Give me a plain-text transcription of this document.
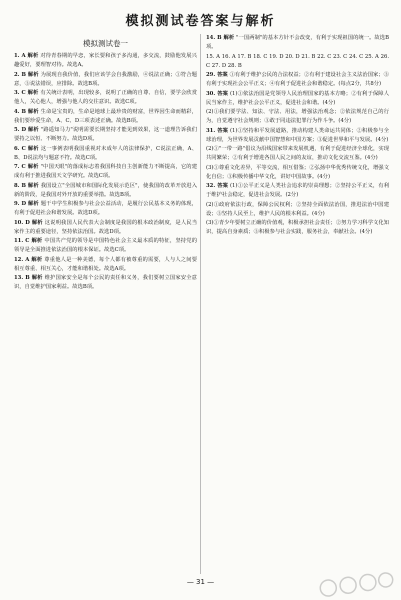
模拟测试卷答案与解析
模拟测试卷一

1. A 解析 对待青春期的早恋，家长要和孩子多沟通，多交流，鼓励他发展兴趣爱好，要理智对待。故选A。

2. B 解析 为展现自我价值，我们应该学会自我激励，④说法正确；①符合题意，③说法错误，应排除。故选B项。

3. C 解析 有关统计表明，出现较多，说明了正确的自尊、自信，要学会欣赏他人，关心他人，增强与他人的交往意识。故选C项。

4. B 解析 生命是宝贵的，生命是地球上最珍贵的财富，世界因生命而精彩，我们要珍爱生命，A、C、D三项表述正确。故选B项。

5. D 解析 "路遥知马力"说明需要长期坚持才能见到效果，这一道理告诉我们要持之以恒、不断努力。故选D项。

6. C 解析 这一事例表明我国重视对未成年人的法律保护，C说法正确，A、B、D说法均与题意不符。故选C项。

7. C 解析 "中国天眼"的落成标志着我国科技自主创新能力不断提高，它的建成有利于推进我国天文学研究。故选C项。

8. B 解析 我国设立"全国城市和国际化发展示范区"，使我国的改革开放进入新的阶段，是我国对外开放的重要举措。故选B项。

9. D 解析 题干中学生积极参与社会公益活动，是履行公民基本义务的体现，有利于促进社会和谐发展。故选D项。

10. D 解析 这说明我国人民代表大会制度是我国的根本政治制度，是人民当家作主的重要途径，坚持依法治国。故选D项。

11. C 解析 中国共产党的领导是中国特色社会主义最本质的特征，坚持党的领导是全面推进依法治国的根本保证。故选C项。

12. A 解析 尊重他人是一种美德，每个人都有被尊重的需要，人与人之间要相互尊重、相互关心，才能和谐相处。故选A项。

13. B 解析 维护国家安全是每个公民的责任和义务，我们要树立国家安全意识，自觉维护国家利益。故选B项。

14. B 解析 "一国两制"的基本方针不会改变，有利于实现祖国的统一。故选B项。

15. A 16. A 17. B 18. C 19. D 20. D 21. B 22. C 23. C 24. C 25. A 26. C 27. D 28. B

29. 答案 ①有利于维护公民的合法权益；②有利于建设社会主义法治国家；③有利于实现社会公平正义；④有利于促进社会和谐稳定。(每点2分，共8分)

30. 答案 (1)①依法治国是党领导人民治理国家的基本方略；②有利于保障人民当家作主，维护社会公平正义，促进社会和谐。(4分)

(2)①我们要学法、知法、守法、用法，增强法治观念；②依法规范自己的行为，自觉遵守社会规则；③敢于同违法犯罪行为作斗争。(4分)

31. 答案 (1)①坚持和平发展道路，推动构建人类命运共同体；②积极参与全球治理，为世界发展贡献中国智慧和中国方案；③促进世界和平与发展。(4分)

(2)①"一带一路"倡议为沿线国家带来发展机遇，有利于促进经济全球化，实现共同繁荣；②有利于增进各国人民之间的友谊，推动文化交流互鉴。(4分)

(3)①尊重文化差异，平等交流，相互借鉴；②弘扬中华优秀传统文化，增强文化自信；③积极传播中华文化，讲好中国故事。(4分)

32. 答案 (1)①公平正义是人类社会追求的崇高理想；②坚持公平正义，有利于维护社会稳定，促进社会发展。(2分)

(2)①政府依法行政，保障公民权利；②坚持全面依法治国，推进法治中国建设；③坚持人民至上，维护人民的根本利益。(4分)

(3)①青少年要树立正确的价值观，积极承担社会责任；②努力学习科学文化知识，提高自身素质；③积极参与社会实践，服务社会，奉献社会。(4分)

— 31 —
